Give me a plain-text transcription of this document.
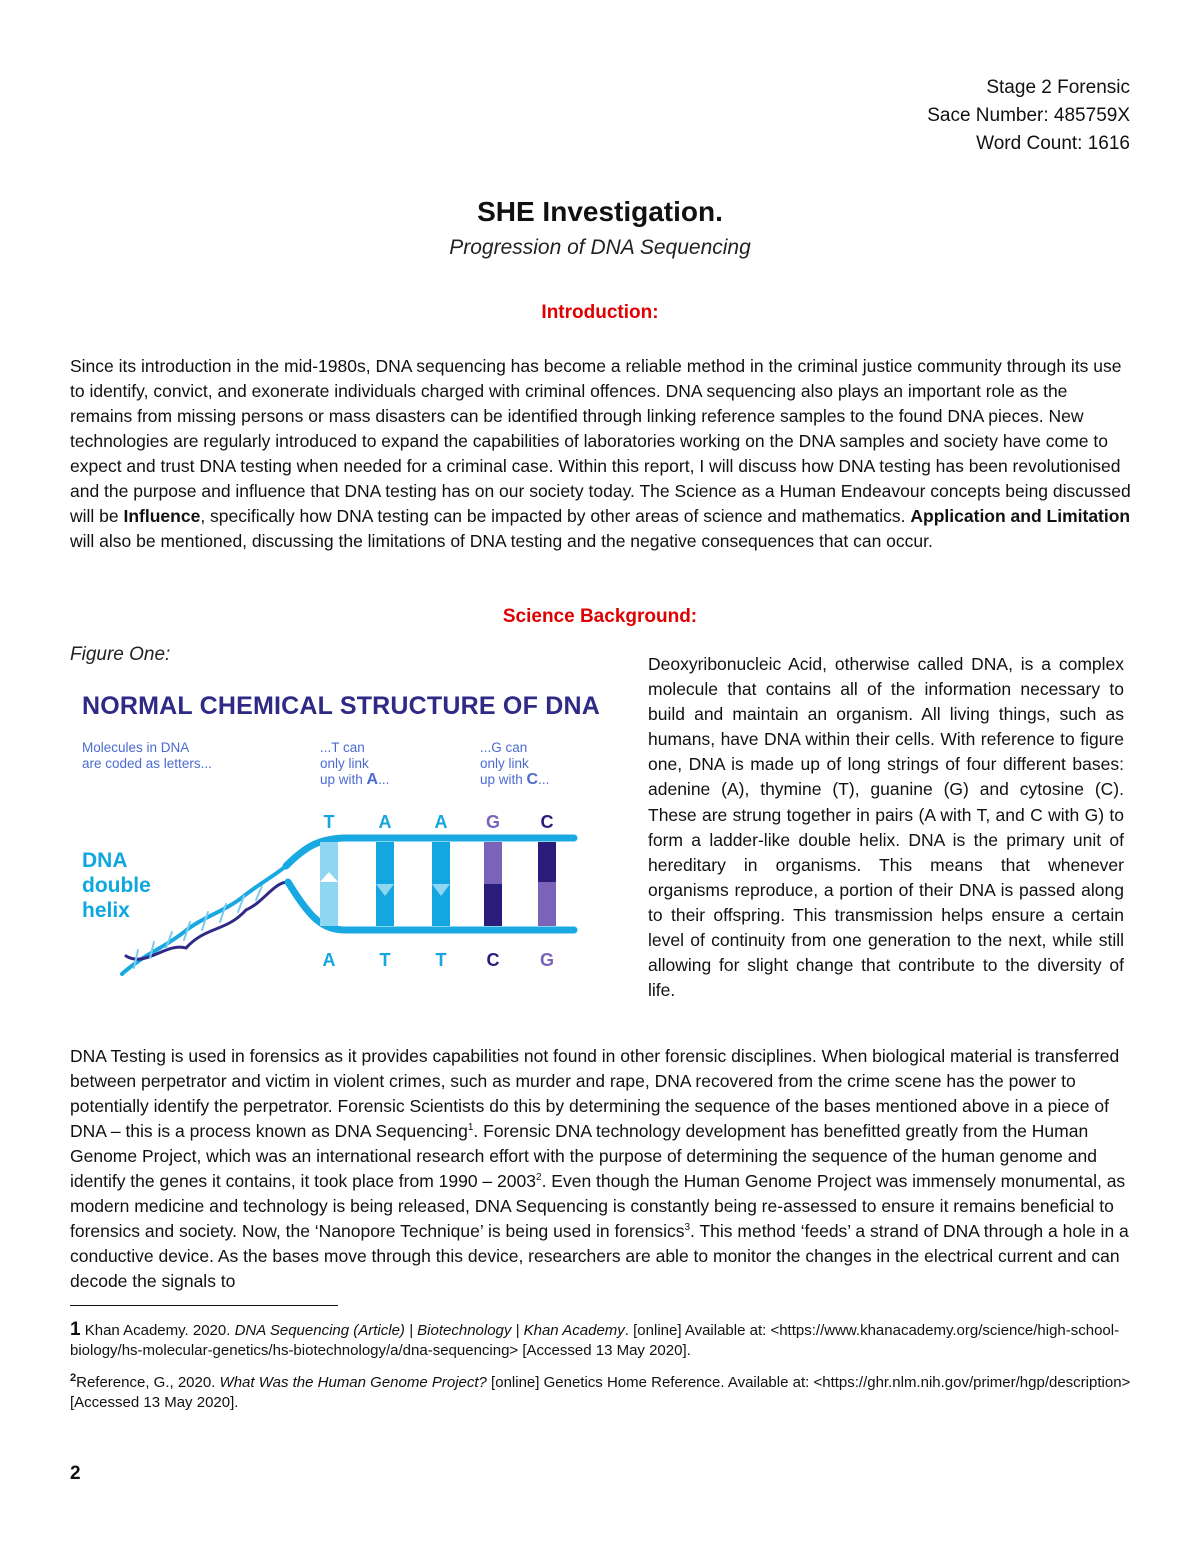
Stage 2 Forensic
Sace Number: 485759X
Word Count: 1616
SHE Investigation.
Progression of DNA Sequencing
Introduction:
Since its introduction in the mid-1980s, DNA sequencing has become a reliable method in the criminal justice community through its use to identify, convict, and exonerate individuals charged with criminal offences. DNA sequencing also plays an important role as the remains from missing persons or mass disasters can be identified through linking reference samples to the found DNA pieces. New technologies are regularly introduced to expand the capabilities of laboratories working on the DNA samples and society have come to expect and trust DNA testing when needed for a criminal case. Within this report, I will discuss how DNA testing has been revolutionised and the purpose and influence that DNA testing has on our society today. The Science as a Human Endeavour concepts being discussed will be Influence, specifically how DNA testing can be impacted by other areas of science and mathematics. Application and Limitation will also be mentioned, discussing the limitations of DNA testing and the negative consequences that can occur.
Science Background:
Figure One:
NORMAL CHEMICAL STRUCTURE OF DNA
Molecules in DNA
are coded as letters...
...T can
only link
up with A...
...G can
only link
up with C...
DNA
double
helix
T A A G C
A T	T C G
Deoxyribonucleic Acid, otherwise called DNA, is a complex molecule that contains all of the information necessary to build and maintain an organism. All living things, such as humans, have DNA within their cells. With reference to figure one, DNA is made up of long strings of four different bases: adenine (A), thymine (T), guanine (G) and cytosine (C). These are strung together in pairs (A with T, and C with G) to form a ladder-like double helix. DNA is the primary unit of hereditary in organisms. This means that whenever organisms reproduce, a portion of their DNA is passed along to their offspring. This transmission helps ensure a certain level of continuity from one generation to the next, while still allowing for slight change that contribute to the diversity of life.
DNA Testing is used in forensics as it provides capabilities not found in other forensic disciplines. When biological material is transferred between perpetrator and victim in violent crimes, such as murder and rape, DNA recovered from the crime scene has the power to potentially identify the perpetrator. Forensic Scientists do this by determining the sequence of the bases mentioned above in a piece of DNA – this is a process known as DNA Sequencing$^1$. Forensic DNA technology development has benefitted greatly from the Human Genome Project, which was an international research effort with the purpose of determining the sequence of the human genome and identify the genes it contains, it took place from 1990 – 2003$^2$. Even though the Human Genome Project was immensely monumental, as modern medicine and technology is being released, DNA Sequencing is constantly being re-assessed to ensure it remains beneficial to forensics and society. Now, the ‘Nanopore Technique’ is being used in forensics$^3$. This method ‘feeds’ a strand of DNA through a hole in a conductive device. As the bases move through this device, researchers are able to monitor the changes in the electrical current and can decode the signals to
1 Khan Academy. 2020. DNA Sequencing (Article) | Biotechnology | Khan Academy. [online] Available at: <https://www.khanacademy.org/science/high-school-biology/hs-molecular-genetics/hs-biotechnology/a/dna-sequencing> [Accessed 13 May 2020].
$^2$Reference, G., 2020. What Was the Human Genome Project? [online] Genetics Home Reference. Available at: <https://ghr.nlm.nih.gov/primer/hgp/description> [Accessed 13 May 2020].
2
